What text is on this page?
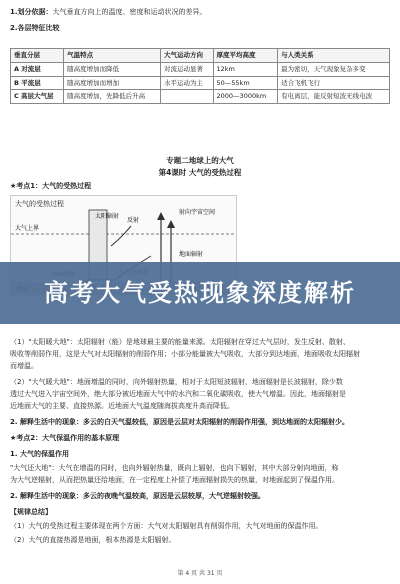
1.划分依据：大气垂直方向上的温度、密度和运动状况的差异。
2.各层特征比较
垂直分层	气温特点	大气运动方向	厚度平均高度	与人类关系
A 对流层	随高度增加而降低	对流运动显著	12km	最为密切，天气现象复杂多变
B 平流层	随高度增加而增加	水平运动为主	50—55km	适合飞机飞行
C 高层大气层	随高度增加，先降低后升高		2000—3000km	有电离层，能反射短波无线电波
专题二地球上的大气
第4课时 大气的受热过程
★考点1：大气的受热过程
大气的受热过程
太阳辐射
大气上界
反射
地面辐射
射向宇宙空间
（1）"太阳暖大地"：太阳辐射（能）是地球最主要的能量来源。太阳辐射在穿过大气层时，发生反射、散射、
吸收等削弱作用，这是大气对太阳辐射的削弱作用；小部分能量被大气吸收，大部分到达地面，地面吸收太阳辐射
而增温。
（2）"大气暖大地"：地面增温的同时，向外辐射热量，相对于太阳短波辐射，地面辐射是长波辐射，除少数
透过大气进入宇宙空间外，绝大部分被近地面大气中的水汽和二氧化碳吸收，使大气增温。因此，地面辐射是
近地面大气的主要、直接热源。近地面大气温度随海拔高度升高而降低。
2. 解释生活中的现象：多云的白天气温较低，原因是云层对太阳辐射的削弱作用强，到达地面的太阳辐射少。
★考点2：大气保温作用的基本原理
1. 大气的保温作用
"大气还大地"：大气在增温的同时，也向外辐射热量，既向上辐射，也向下辐射，其中大部分射向地面，称
为大气逆辐射，从而把热量还给地面，在一定程度上补偿了地面辐射损失的热量，对地面起到了保温作用。
2. 解释生活中的现象：多云的夜晚气温较高，原因是云层较厚，大气逆辐射较强。
【规律总结】
（1）大气的受热过程主要体现在两个方面：大气对太阳辐射具有削弱作用，大气对地面的保温作用。
（2）大气的直接热源是地面，根本热源是太阳辐射。
第 4 页 共 31 页
高考大气受热现象深度解析
